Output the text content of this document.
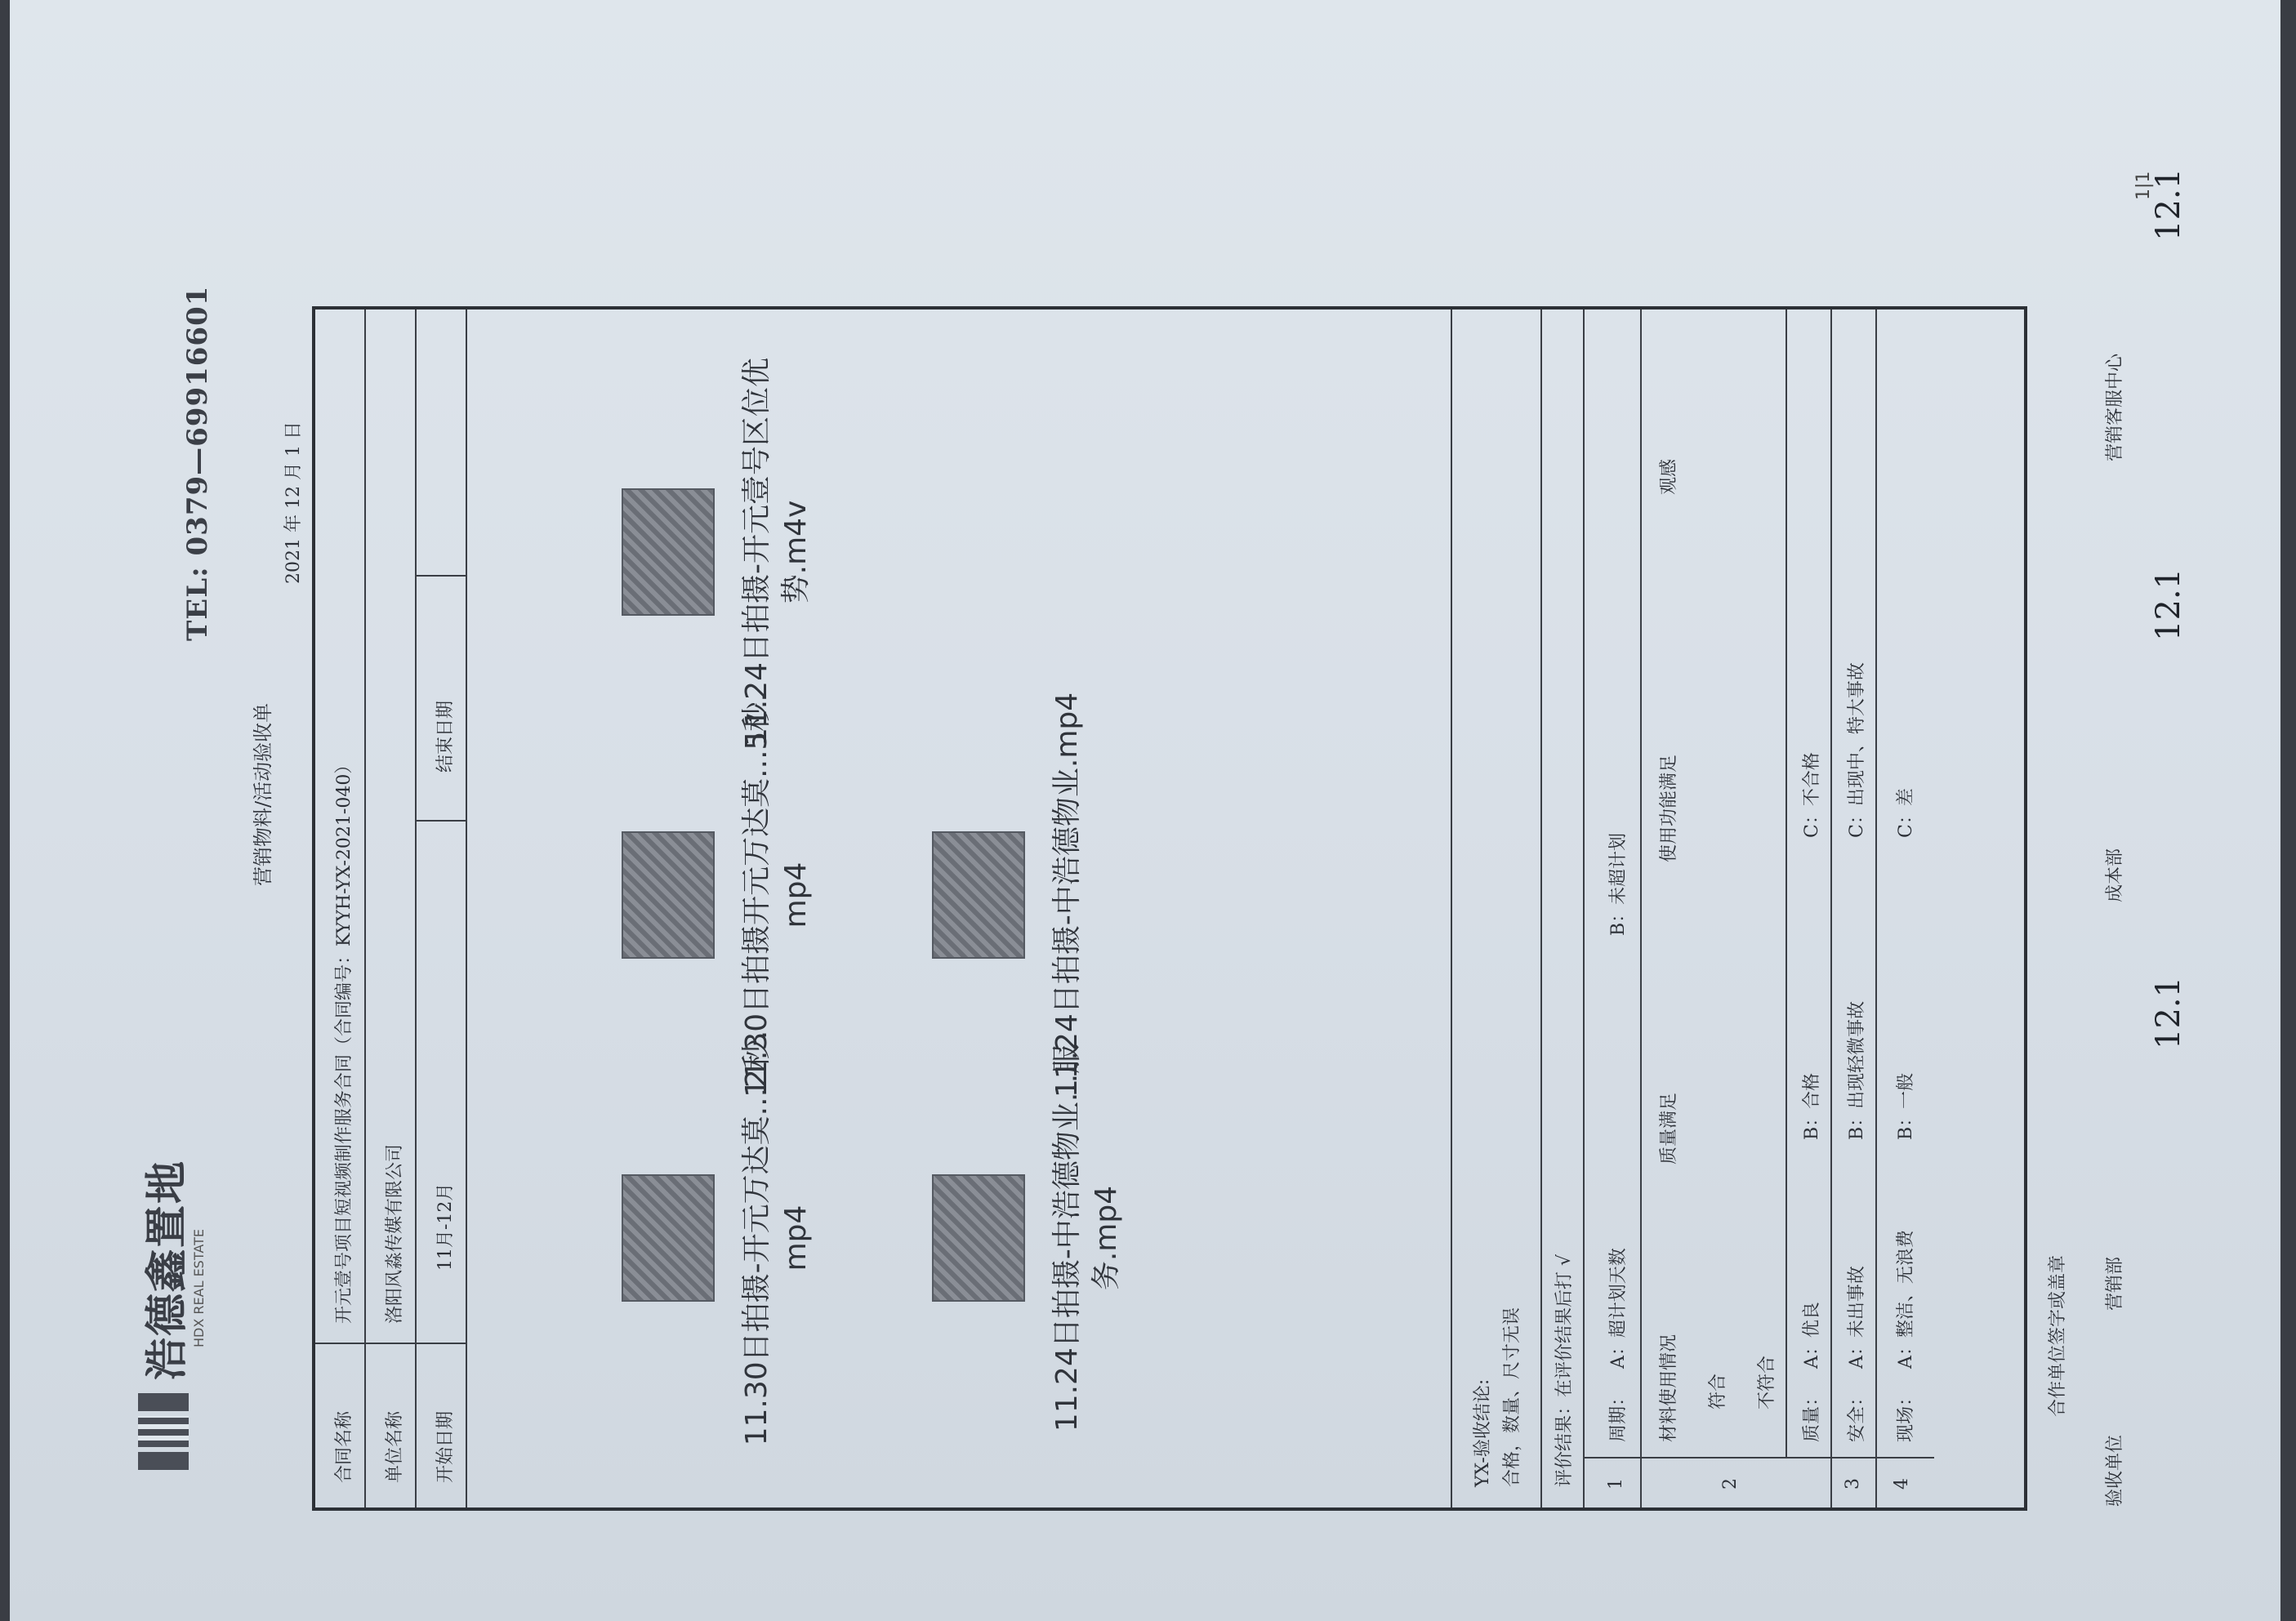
浩德鑫置地 HDX REAL ESTATE
TEL: 0379—69916601
营销物料/活动验收单
2021 年 12 月 1 日
合同名称
开元壹号项目短视频制作服务合同（合同编号：KYYH-YX-2021-040）
单位名称
洛阳风淼传媒有限公司
开始日期
11月-12月
结束日期
11.30日拍摄-开元万达莫...2秒.mp4
11.30日拍摄开元万达莫...5秒.mp4
11.24日拍摄-开元壹号区位优势.m4v
11.24日拍摄-中浩德物业...服务.mp4
11.24日拍摄-中浩德物业.mp4
YX-验收结论: 合格，数量、尺寸无误 评价结果：在评价结果后打 √ 1
周期：
A：超计划天数
B：未超计划
2
材料使用情况
质量满足
使用功能满足
观感
符合 不符合
质量：
A：优良
B：合格
C：不合格
3
安全：
A：未出事故
B：出现轻微事故
C：出现中、特大事故
4
现场：
A：整洁、无浪费
B：一般
C：差
合作单位签字或盖章
验收单位
营销部
成本部
营销客服中心
12.1
12.1
12.1
1|1
